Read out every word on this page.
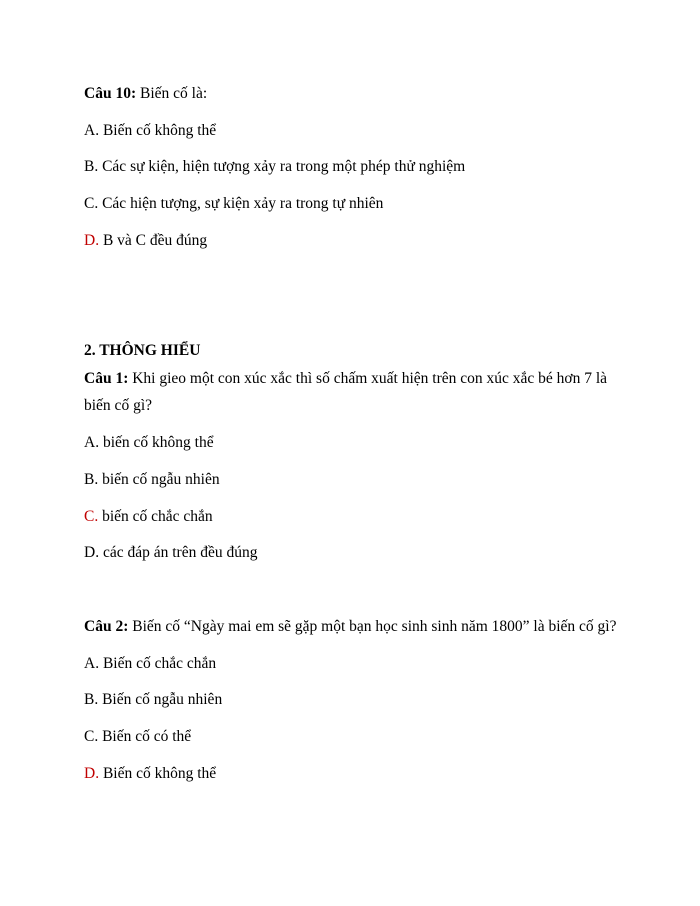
Câu 10: Biến cố là:
A. Biến cố không thể
B. Các sự kiện, hiện tượng xảy ra trong một phép thử nghiệm
C. Các hiện tượng, sự kiện xảy ra trong tự nhiên
D. B và C đều đúng
2. THÔNG HIỂU
Câu 1: Khi gieo một con xúc xắc thì số chấm xuất hiện trên con xúc xắc bé hơn 7 là
biến cố gì?
A. biến cố không thể
B. biến cố ngẫu nhiên
C. biến cố chắc chắn
D. các đáp án trên đều đúng
Câu 2: Biến cố “Ngày mai em sẽ gặp một bạn học sinh sinh năm 1800” là biến cố gì?
A. Biến cố chắc chắn
B. Biến cố ngẫu nhiên
C. Biến cố có thể
D. Biến cố không thể
